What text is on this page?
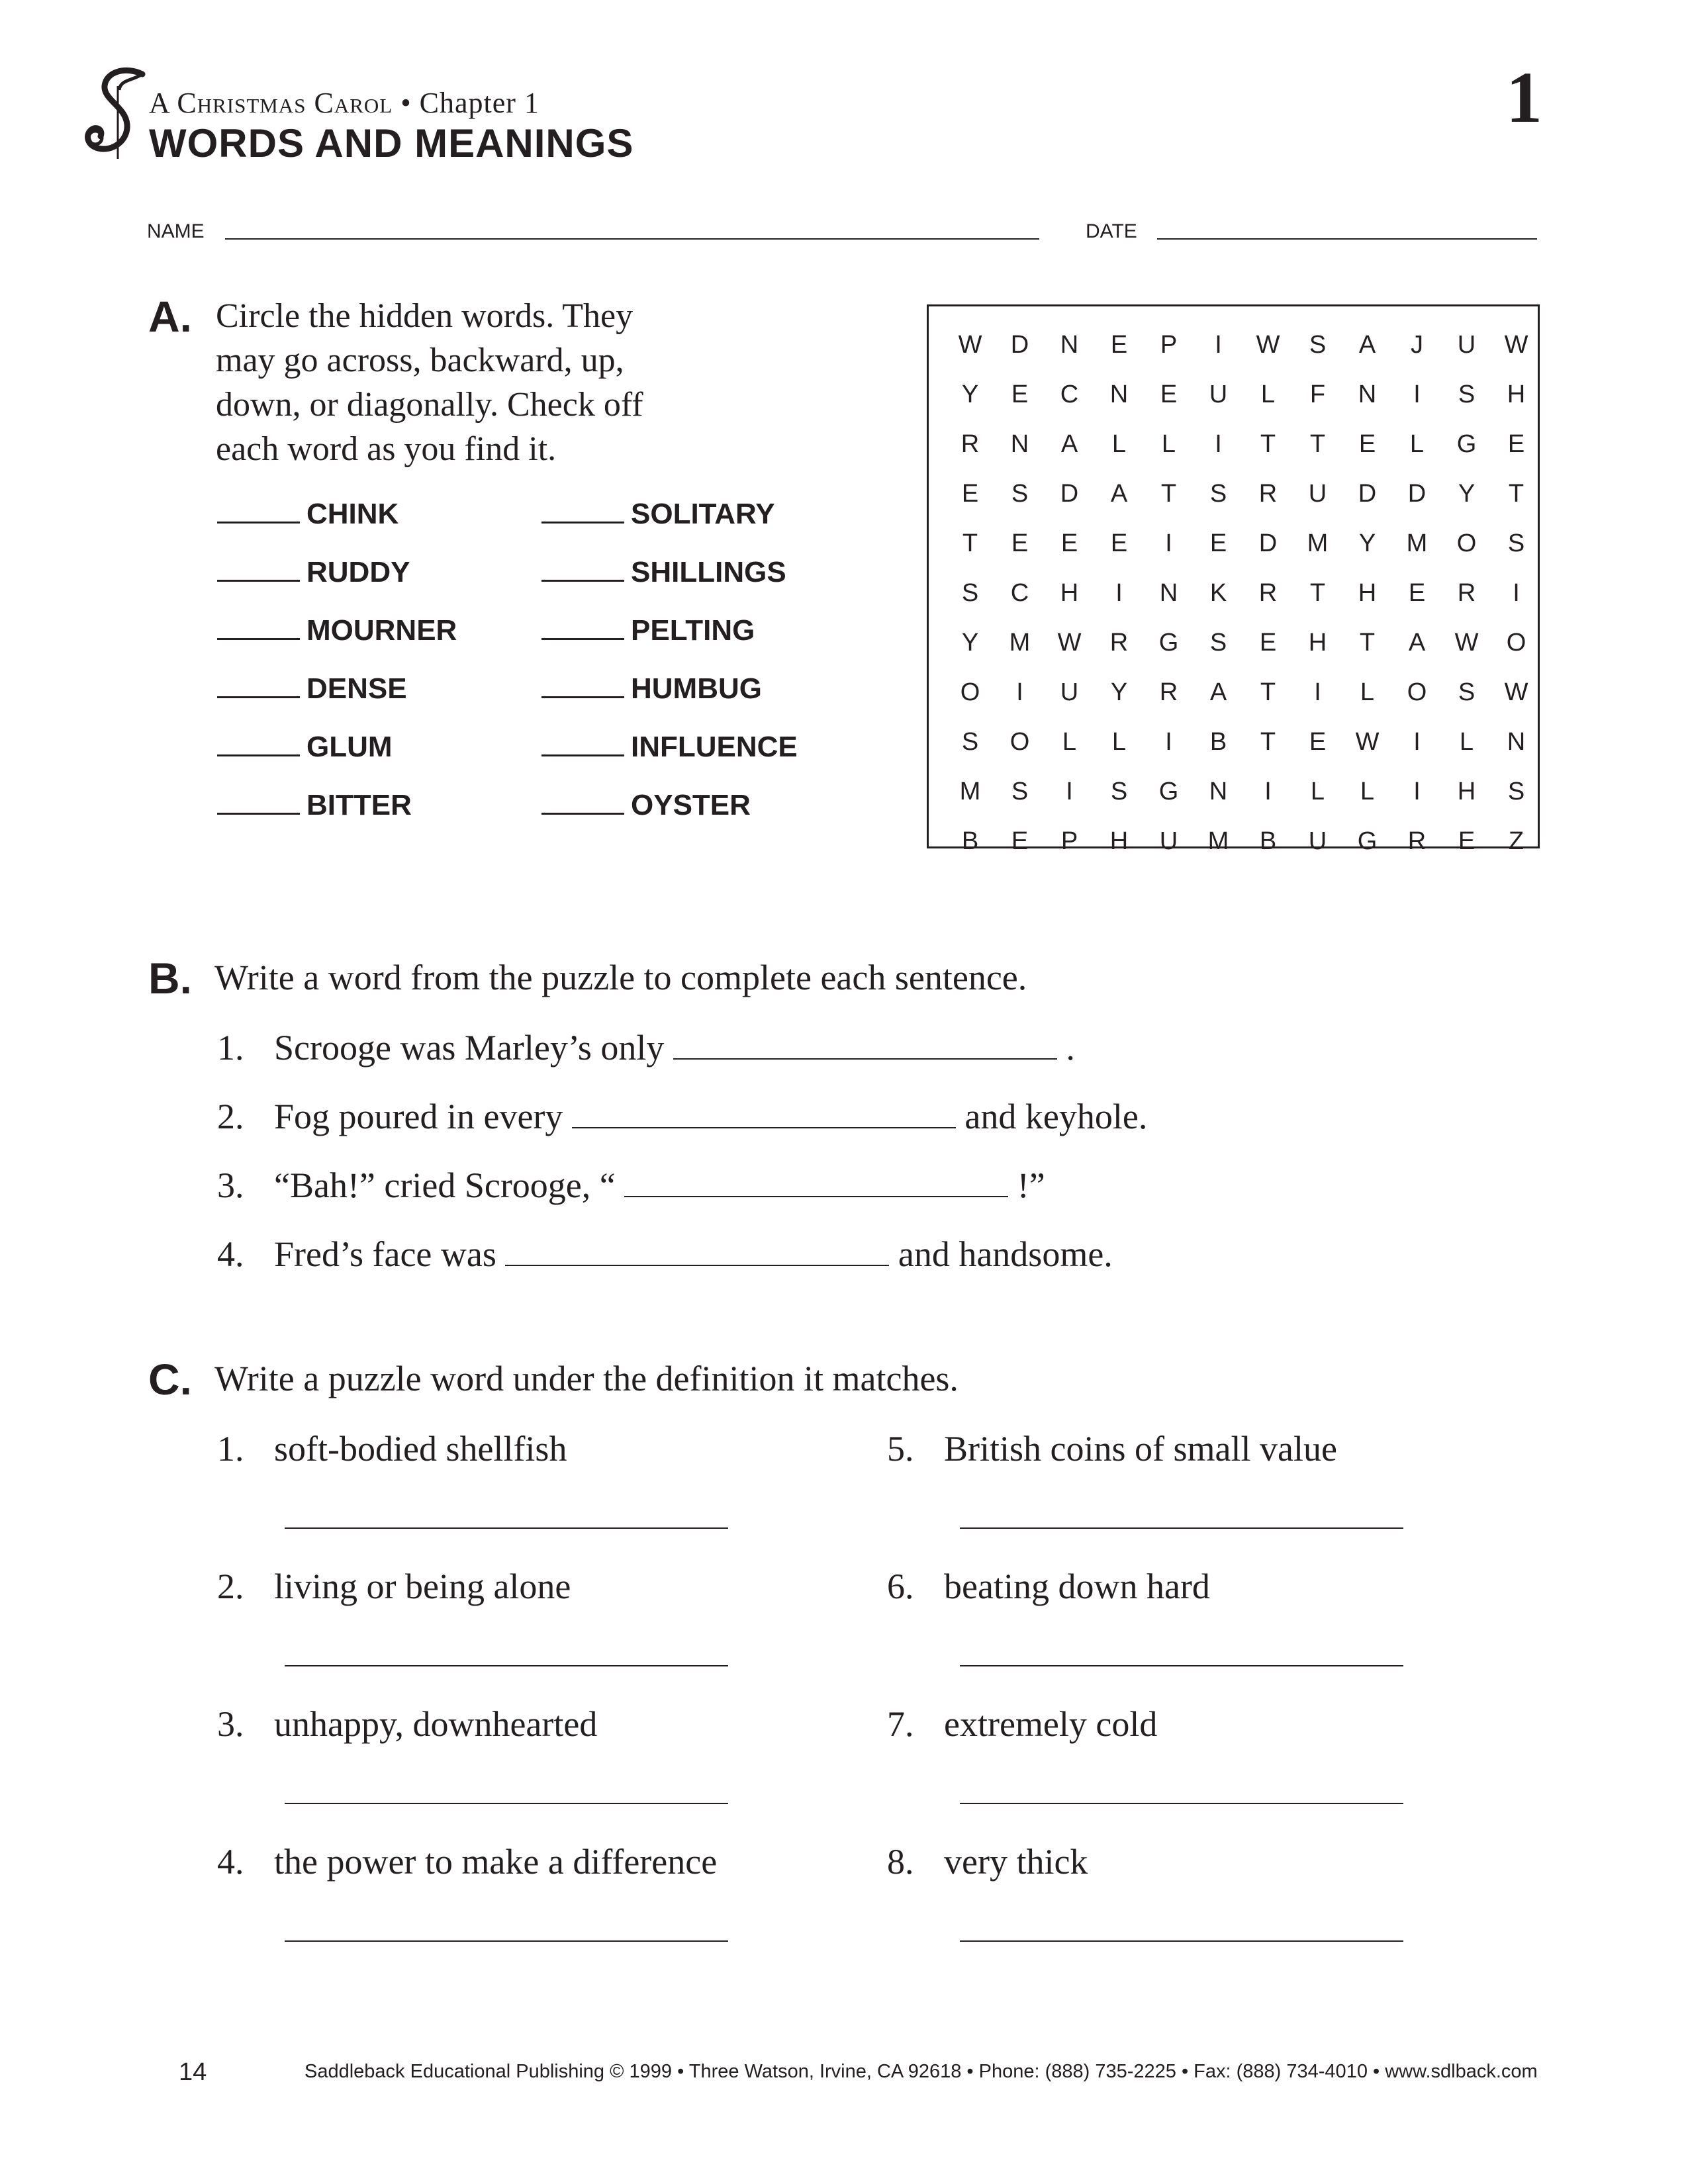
A Christmas Carol • Chapter 1
WORDS AND MEANINGS
1
NAME	DATE
A. Circle the hidden words. They
may go across, backward, up,
down, or diagonally. Check off
each word as you find it.
CHINK
RUDDY
MOURNER
DENSE
GLUM
BITTER
SOLITARY
SHILLINGS
PELTING
HUMBUG
INFLUENCE
OYSTER
W	D	N	E	P	I	W	S	A	J	U	W
Y	E	C	N	E	U	L	F	N	I	S	H
R	N	A	L	L	I	T	T	E	L	G	E
E	S	D	A	T	S	R	U	D	D	Y	T
T	E	E	E	I	E	D	M	Y	M	O	S
S	C	H	I	N	K	R	T	H	E	R	I
Y	M	W	R	G	S	E	H	T	A	W	O
O	I	U	Y	R	A	T	I	L	O	S	W
S	O	L	L	I	B	T	E	W	I	L	N
M	S	I	S	G	N	I	L	L	I	H	S
B	E	P	H	U	M	B	U	G	R	E	Z
B. Write a word from the puzzle to complete each sentence.
1. Scrooge was Marley’s only	.
2. Fog poured in every	and keyhole.
3. “Bah!” cried Scrooge, “	!”
4. Fred’s face was	and handsome.
C. Write a puzzle word under the definition it matches.
1. soft-bodied shellfish
2. living or being alone
3. unhappy, downhearted
4. the power to make a difference
5. British coins of small value
6. beating down hard
7. extremely cold
8. very thick
14	Saddleback Educational Publishing © 1999 • Three Watson, Irvine, CA 92618 • Phone: (888) 735-2225 • Fax: (888) 734-4010 • www.sdlback.com
